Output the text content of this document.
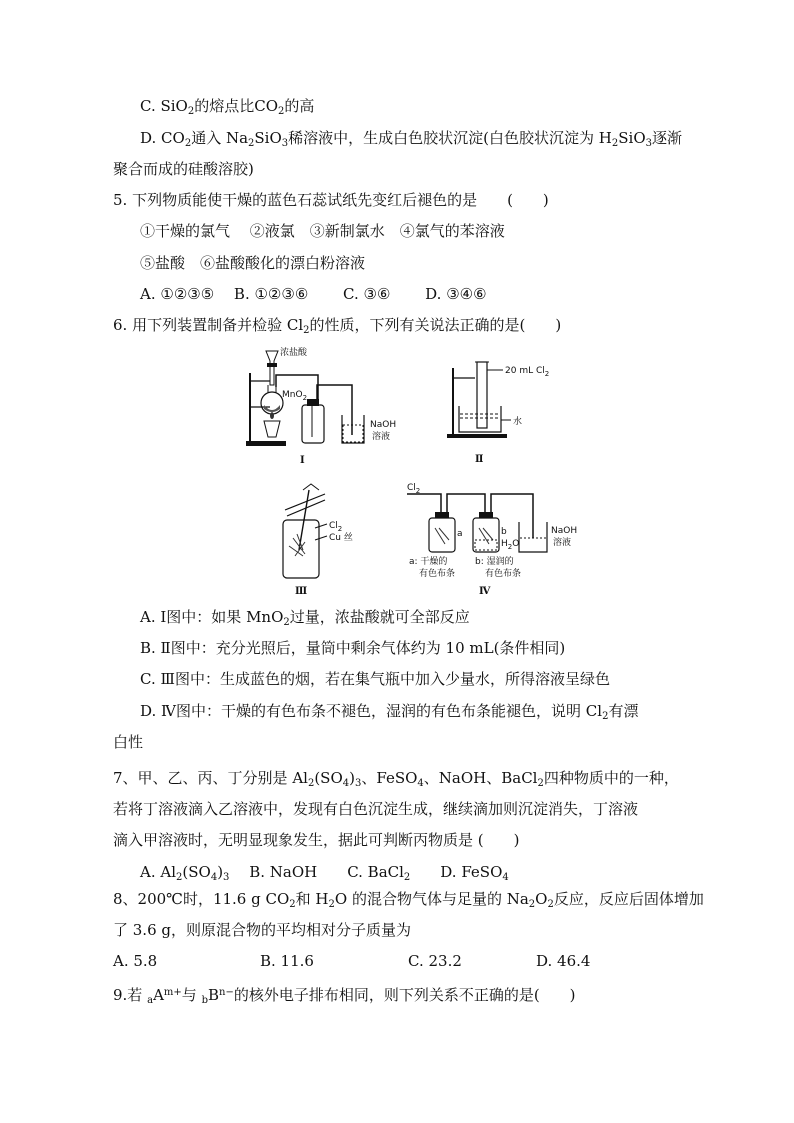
C. SiO$_2$的熔点比$CO_2$的高
D. $CO_2$通入 $Na_2SiO_3$稀溶液中，生成白色胶状沉淀(白色胶状沉淀为 $H_2SiO_3$逐渐
聚合而成的硅酸溶胶)
5. 下列物质能使干燥的蓝色石蕊试纸先变红后褪色的是　　(　　)
①干燥的氯气　 ②液氯　③新制氯水　④氯气的苯溶液
⑤盐酸　⑥盐酸酸化的漂白粉溶液
A. ①②③⑤　 B. ①②③⑥　　 C. ③⑥　　 D. ③④⑥
6. 用下列装置制备并检验 $Cl_2$的性质，下列有关说法正确的是(　　)
浓盐酸
MnO$_2$
NaOH
溶液
Ⅰ
20 mL $Cl_2$
水
Ⅱ
$Cl_2$
Cu 丝
Ⅲ
$Cl_2$
a	b
$H_2O$
NaOH
溶液
a: 干燥的
有色布条
b: 湿润的
有色布条
Ⅳ
A. Ⅰ图中：如果 MnO$_2$过量，浓盐酸就可全部反应
B. Ⅱ图中：充分光照后，量筒中剩余气体约为 10 mL(条件相同)
C. Ⅲ图中：生成蓝色的烟，若在集气瓶中加入少量水，所得溶液呈绿色
D. Ⅳ图中：干燥的有色布条不褪色，湿润的有色布条能褪色，说明 $Cl_2$有漂
白性
7、甲、乙、丙、丁分别是 $Al_2(SO_4)_3$、FeSO$_4$、NaOH、BaCl$_2$四种物质中的一种，
若将丁溶液滴入乙溶液中，发现有白色沉淀生成，继续滴加则沉淀消失，丁溶液
滴入甲溶液时，无明显现象发生，据此可判断丙物质是 (　　)
A. $Al_2(SO_4)_3$　 B. NaOH　　C. BaCl$_2$　　D. FeSO$_4$
8、200℃时，11.6 g $CO_2$和 $H_2O$ 的混合物气体与足量的 $Na_2O_2$反应，反应后固体增加
了 3.6 g，则原混合物的平均相对分子质量为
A. 5.8	B. 11.6	C. 23.2	D. 46.4
9.若 $_aA^{m+}$与 $_bB^{n-}$的核外电子排布相同，则下列关系不正确的是(　　)
